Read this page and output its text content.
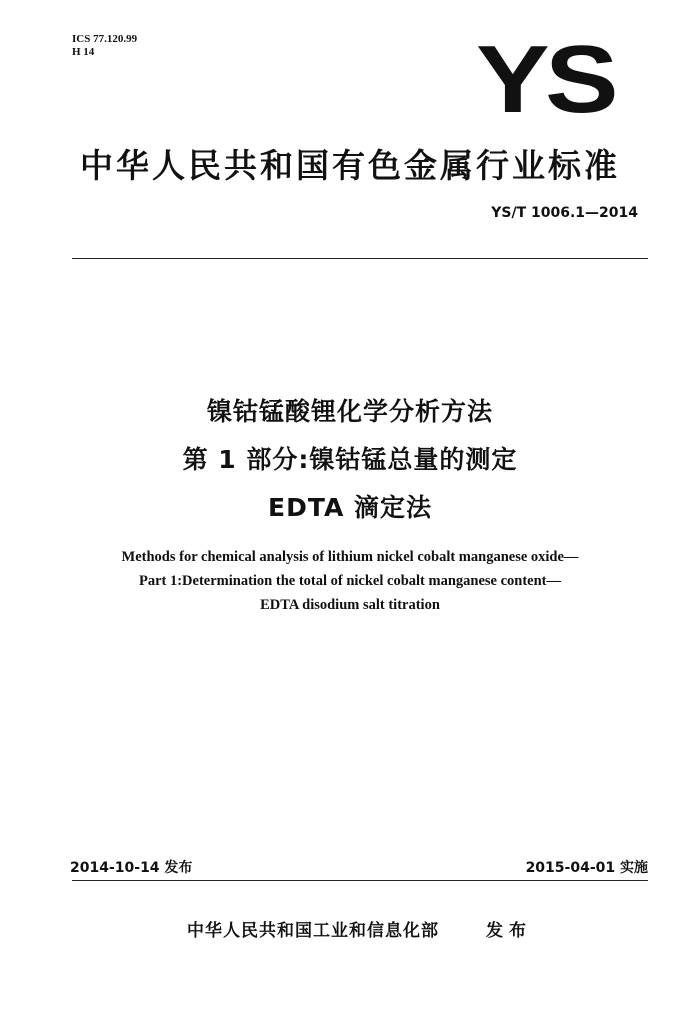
ICS 77.120.99
H 14	YS
中华人民共和国有色金属行业标准
YS/T 1006.1—2014
镍钴锰酸锂化学分析方法
第 1 部分:镍钴锰总量的测定
EDTA 滴定法
Methods for chemical analysis of lithium nickel cobalt manganese oxide—
Part 1:Determination the total of nickel cobalt manganese content—
EDTA disodium salt titration
2014-10-14 发布	2015-04-01 实施
中华人民共和国工业和信息化部	发布
